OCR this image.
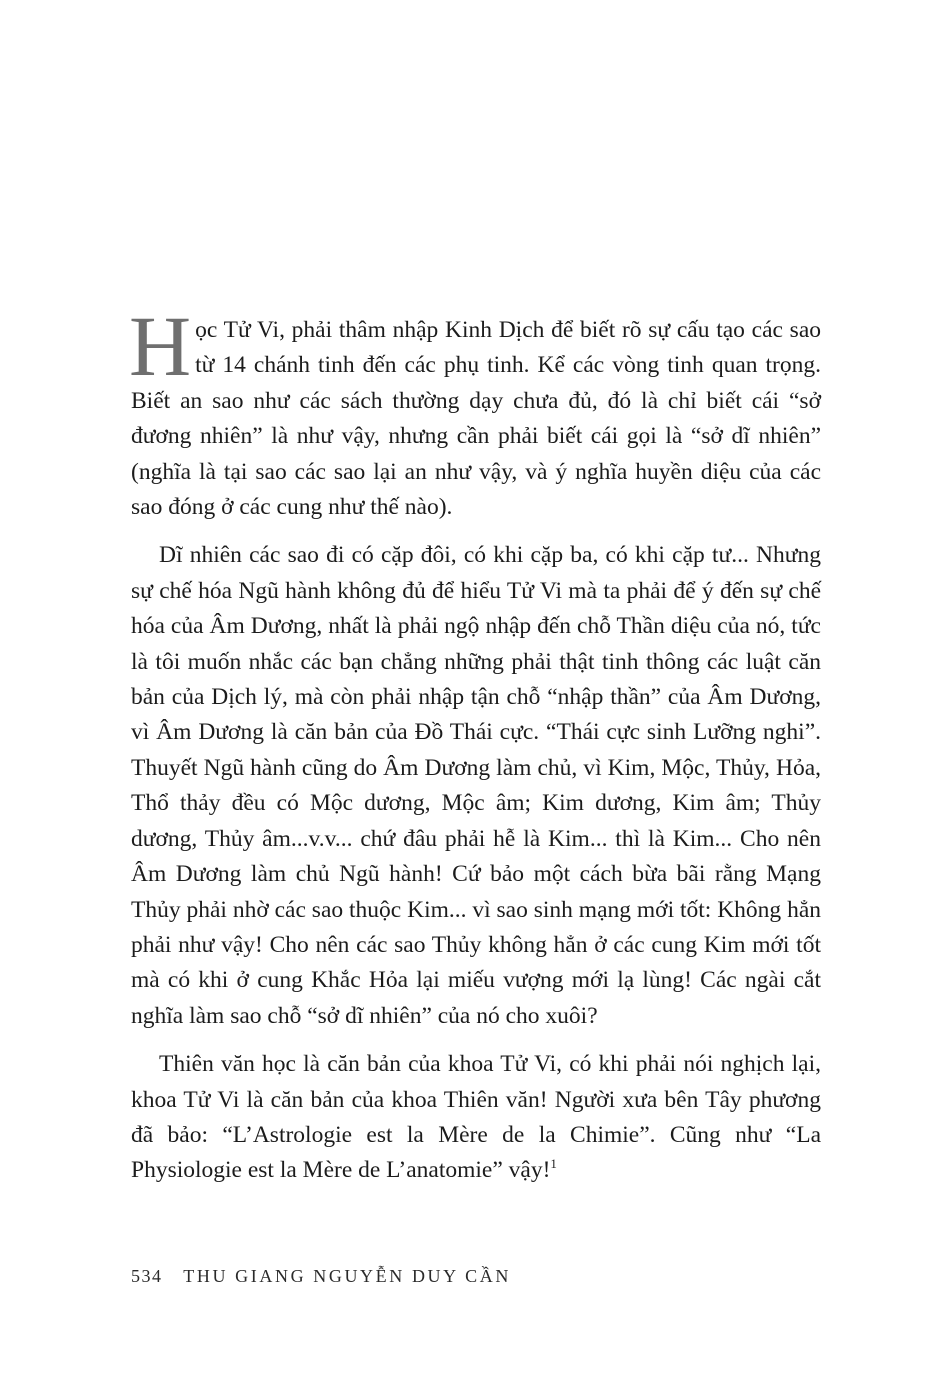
Học Tử Vi, phải thâm nhập Kinh Dịch để biết rõ sự cấu tạo các sao từ 14 chánh tinh đến các phụ tinh. Kể các vòng tinh quan trọng. Biết an sao như các sách thường dạy chưa đủ, đó là chỉ biết cái “sở đương nhiên” là như vậy, nhưng cần phải biết cái gọi là “sở dĩ nhiên” (nghĩa là tại sao các sao lại an như vậy, và ý nghĩa huyền diệu của các sao đóng ở các cung như thế nào).

Dĩ nhiên các sao đi có cặp đôi, có khi cặp ba, có khi cặp tư... Nhưng sự chế hóa Ngũ hành không đủ để hiểu Tử Vi mà ta phải để ý đến sự chế hóa của Âm Dương, nhất là phải ngộ nhập đến chỗ Thần diệu của nó, tức là tôi muốn nhắc các bạn chẳng những phải thật tinh thông các luật căn bản của Dịch lý, mà còn phải nhập tận chỗ “nhập thần” của Âm Dương, vì Âm Dương là căn bản của Đồ Thái cực. “Thái cực sinh Lưỡng nghi”. Thuyết Ngũ hành cũng do Âm Dương làm chủ, vì Kim, Mộc, Thủy, Hỏa, Thổ thảy đều có Mộc dương, Mộc âm; Kim dương, Kim âm; Thủy dương, Thủy âm...v.v... chứ đâu phải hễ là Kim... thì là Kim... Cho nên Âm Dương làm chủ Ngũ hành! Cứ bảo một cách bừa bãi rằng Mạng Thủy phải nhờ các sao thuộc Kim... vì sao sinh mạng mới tốt: Không hẳn phải như vậy! Cho nên các sao Thủy không hẳn ở các cung Kim mới tốt mà có khi ở cung Khắc Hỏa lại miếu vượng mới lạ lùng! Các ngài cắt nghĩa làm sao chỗ “sở dĩ nhiên” của nó cho xuôi?

Thiên văn học là căn bản của khoa Tử Vi, có khi phải nói nghịch lại, khoa Tử Vi là căn bản của khoa Thiên văn! Người xưa bên Tây phương đã bảo: “L’Astrologie est la Mère de la Chimie”. Cũng như “La Physiologie est la Mère de L’anatomie” vậy!$^1$

534 THU GIANG NGUYỄN DUY CẦN
